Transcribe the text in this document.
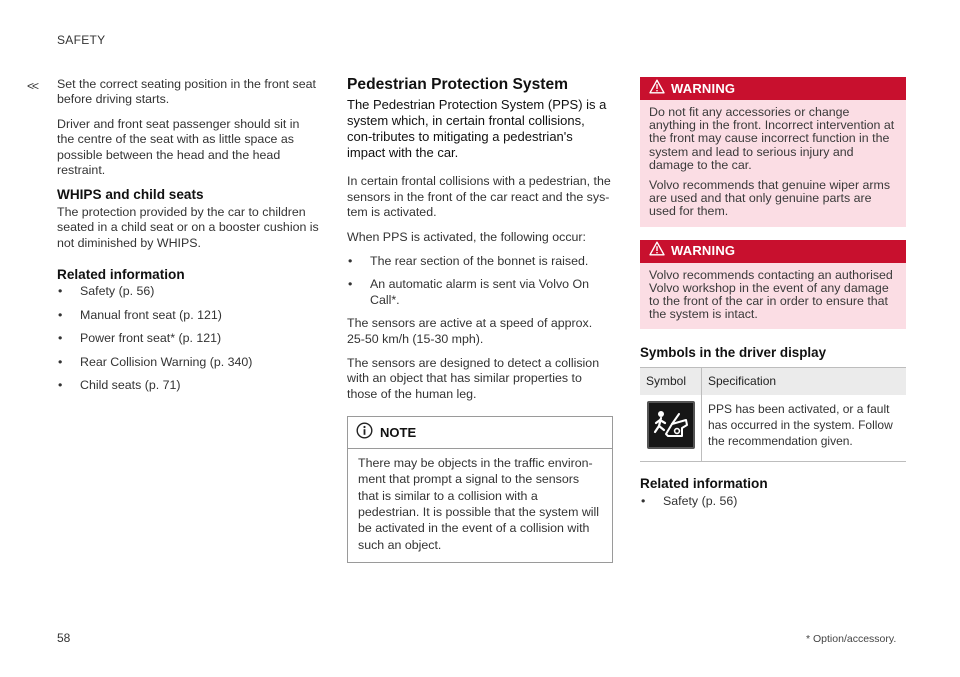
SAFETY
<< Set the correct seating position in the front seat before driving starts.

Driver and front seat passenger should sit in the centre of the seat with as little space as possible between the head and the head restraint.

WHIPS and child seats

The protection provided by the car to children seated in a child seat or on a booster cushion is not diminished by WHIPS.

Related information
• Safety (p. 56)
• Manual front seat (p. 121)
• Power front seat* (p. 121)
• Rear Collision Warning (p. 340)
• Child seats (p. 71)
Pedestrian Protection System

The Pedestrian Protection System (PPS) is a system which, in certain frontal collisions, con-tributes to mitigating a pedestrian's impact with the car.

In certain frontal collisions with a pedestrian, the sensors in the front of the car react and the sys-tem is activated.

When PPS is activated, the following occur:

• The rear section of the bonnet is raised.
• An automatic alarm is sent via Volvo On Call*.

The sensors are active at a speed of approx. 25-50 km/h (15-30 mph).

The sensors are designed to detect a collision with an object that has similar properties to those of the human leg.

NOTE
There may be objects in the traffic environ-ment that prompt a signal to the sensors that is similar to a collision with a pedestrian. It is possible that the system will be activated in the event of a collision with such an object.
WARNING

Do not fit any accessories or change anything in the front. Incorrect intervention at the front may cause incorrect function in the system and lead to serious injury and damage to the car.

Volvo recommends that genuine wiper arms are used and that only genuine parts are used for them.

WARNING

Volvo recommends contacting an authorised Volvo workshop in the event of any damage to the front of the car in order to ensure that the system is intact.

Symbols in the driver display
Symbol	Specification

	PPS has been activated, or a fault has occurred in the system. Follow the recommendation given.
Related information
• Safety (p. 56)
58	* Option/accessory.
